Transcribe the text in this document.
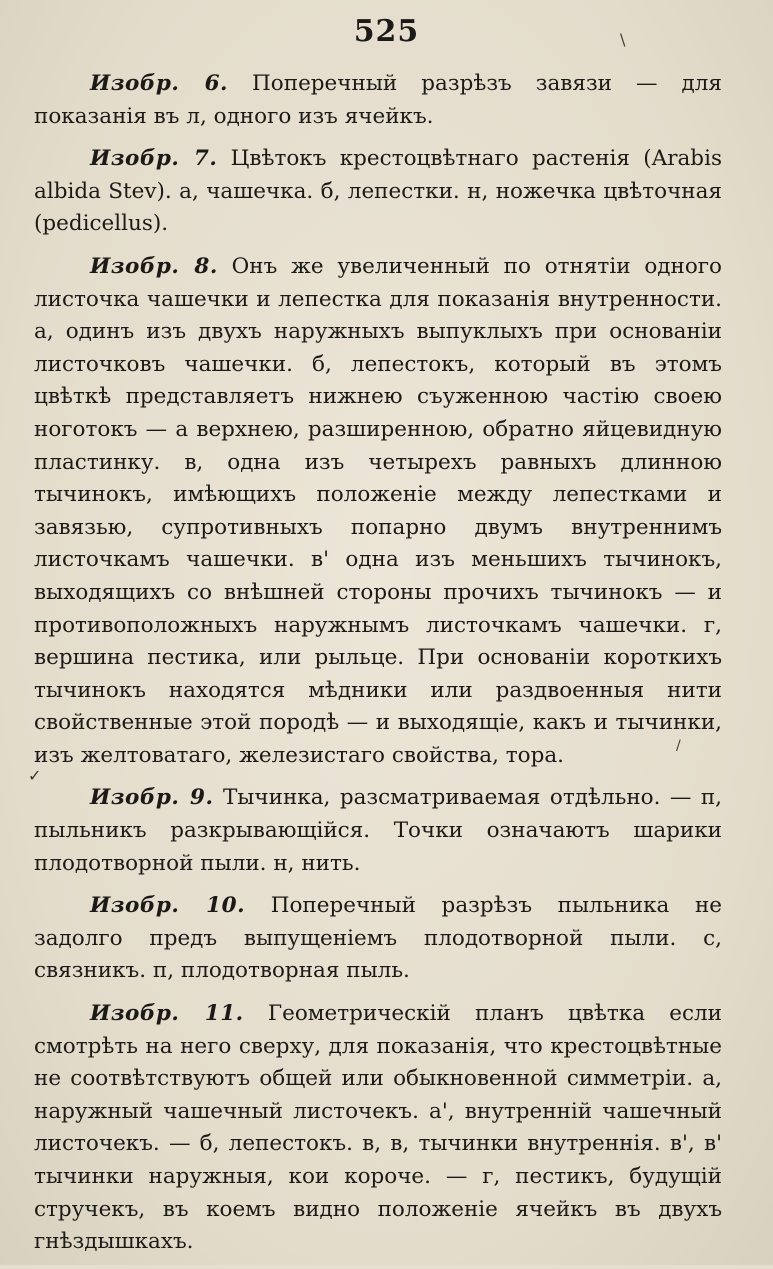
525	\
/
✓

Изобр. 6. Поперечный разрѣзъ завязи — для показанія въ л, одного изъ ячейкъ.

Изобр. 7. Цвѣтокъ крестоцвѣтнаго растенія (Arabis albida Stev). а, чашечка. б, лепестки. н, ножечка цвѣточная (pedicellus).

Изобр. 8. Онъ же увеличенный по отнятіи одного листочка чашечки и лепестка для показанія внутренности. а, одинъ изъ двухъ наружныхъ выпуклыхъ при основаніи листочковъ чашечки. б, лепестокъ, который въ этомъ цвѣткѣ представляетъ нижнею съуженною частію своею ноготокъ — а верхнею, разширенною, обратно яйцевидную пластинку. в, одна изъ четырехъ равныхъ длинною тычинокъ, имѣющихъ положеніе между лепестками и завязью, супротивныхъ попарно двумъ внутреннимъ листочкамъ чашечки. в' одна изъ меньшихъ тычинокъ, выходящихъ со внѣшней стороны прочихъ тычинокъ — и противоположныхъ наружнымъ листочкамъ чашечки. г, вершина пестика, или рыльце. При основаніи короткихъ тычинокъ находятся мѣдники или раздвоенныя нити свойственные этой породѣ — и выходящіе, какъ и тычинки, изъ желтоватаго, железистаго свойства, тора.

Изобр. 9. Тычинка, разсматриваемая отдѣльно. — п, пыльникъ разкрывающійся. Точки означаютъ шарики плодотворной пыли. н, нить.

Изобр. 10. Поперечный разрѣзъ пыльника не задолго предъ выпущеніемъ плодотворной пыли. с, связникъ. п, плодотворная пыль.

Изобр. 11. Геометрическій планъ цвѣтка если смотрѣть на него сверху, для показанія, что крестоцвѣтные не соотвѣтствуютъ общей или обыкновенной симметріи. а, наружный чашечный листочекъ. а', внутренній чашечный листочекъ. — б, лепестокъ. в, в, тычинки внутреннія. в', в' тычинки наружныя, кои короче. — г, пестикъ, будущій стручекъ, въ коемъ видно положеніе ячейкъ въ двухъ гнѣздышкахъ.
